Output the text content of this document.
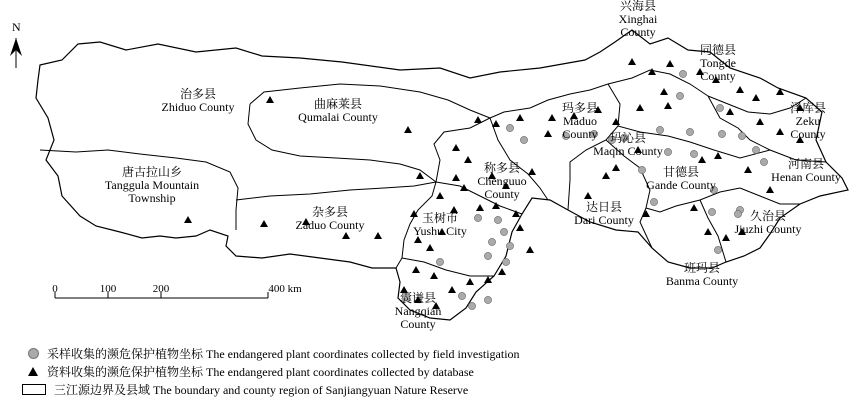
N
兴海县
Xinghai
County
同德县
Tongde
County
治多县
Zhiduo County	曲麻莱县
Qumalai County
玛多县
Maduo
County
泽库县
Zeku
County
玛沁县
Maqin County
河南县
Henan County
唐古拉山乡
Tanggula Mountain
Township
称多县
Chenguuo
County
甘德县
Gande County
达日县
Dari County	久治县
Jiuzhi County
杂多县
Zaduo County	玉树市
Yushu City
班玛县
Banma County
囊谦县
Nangqian
County
0	100	200	400 km
采样收集的濒危保护植物坐标 The endangered plant coordinates collected by field investigation
资料收集的濒危保护植物坐标 The endangered plant coordinates collected by database
三江源边界及县域 The boundary and county region of Sanjiangyuan Nature Reserve
